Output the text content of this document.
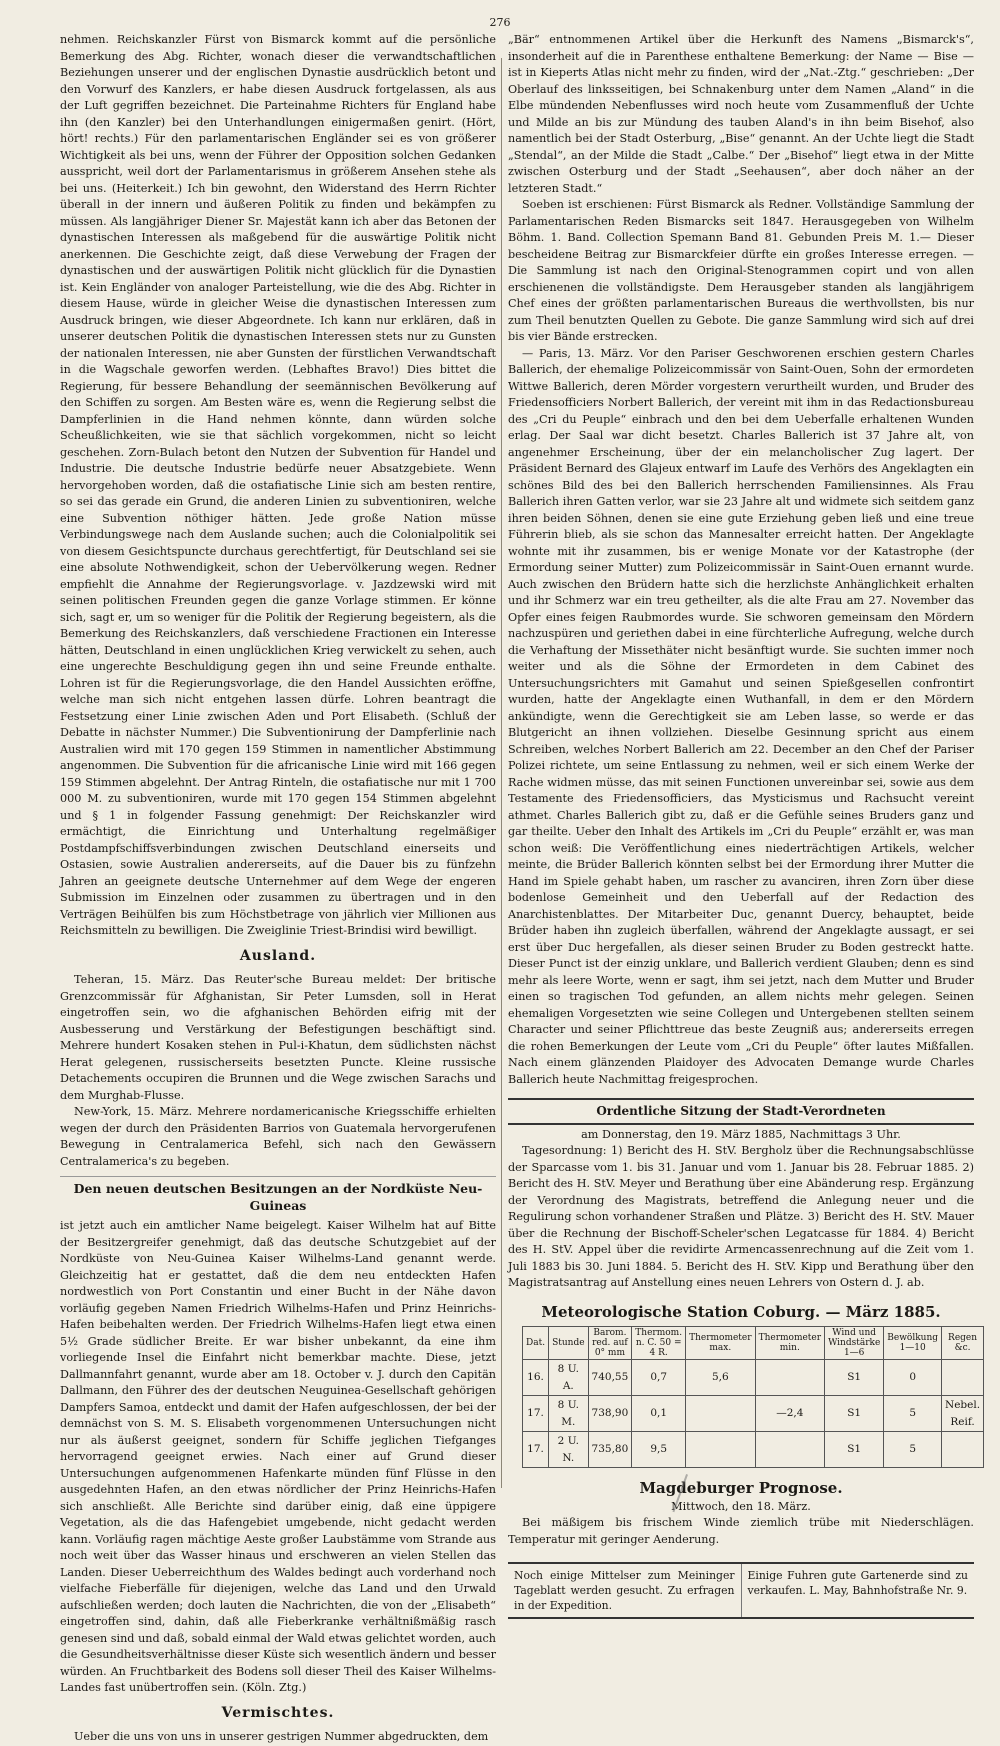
276

nehmen. Reichskanzler Fürst von Bismarck kommt auf die persönliche Bemerkung des Abg. Richter, wonach dieser die verwandtschaftlichen Beziehungen unserer und der englischen Dynastie ausdrücklich betont und den Vorwurf des Kanzlers, er habe diesen Ausdruck fortgelassen, als aus der Luft gegriffen bezeichnet. Die Parteinahme Richters für England habe ihn (den Kanzler) bei den Unterhandlungen einigermaßen genirt. (Hört, hört! rechts.) Für den parlamentarischen Engländer sei es von größerer Wichtigkeit als bei uns, wenn der Führer der Opposition solchen Gedanken ausspricht, weil dort der Parlamentarismus in größerem Ansehen stehe als bei uns. (Heiterkeit.) Ich bin gewohnt, den Widerstand des Herrn Richter überall in der innern und äußeren Politik zu finden und bekämpfen zu müssen. Als langjähriger Diener Sr. Majestät kann ich aber das Betonen der dynastischen Interessen als maßgebend für die auswärtige Politik nicht anerkennen. Die Geschichte zeigt, daß diese Verwebung der Fragen der dynastischen und der auswärtigen Politik nicht glücklich für die Dynastien ist. Kein Engländer von analoger Parteistellung, wie die des Abg. Richter in diesem Hause, würde in gleicher Weise die dynastischen Interessen zum Ausdruck bringen, wie dieser Abgeordnete. Ich kann nur erklären, daß in unserer deutschen Politik die dynastischen Interessen stets nur zu Gunsten der nationalen Interessen, nie aber Gunsten der fürstlichen Verwandtschaft in die Wagschale geworfen werden. (Lebhaftes Bravo!) Dies bittet die Regierung, für bessere Behandlung der seemännischen Bevölkerung auf den Schiffen zu sorgen. Am Besten wäre es, wenn die Regierung selbst die Dampferlinien in die Hand nehmen könnte, dann würden solche Scheußlichkeiten, wie sie that sächlich vorgekommen, nicht so leicht geschehen. Zorn-Bulach betont den Nutzen der Subvention für Handel und Industrie. Die deutsche Industrie bedürfe neuer Absatzgebiete. Wenn hervorgehoben worden, daß die ostafiatische Linie sich am besten rentire, so sei das gerade ein Grund, die anderen Linien zu subventioniren, welche eine Subvention nöthiger hätten. Jede große Nation müsse Verbindungswege nach dem Auslande suchen; auch die Colonialpolitik sei von diesem Gesichtspuncte durchaus gerechtfertigt, für Deutschland sei sie eine absolute Nothwendigkeit, schon der Uebervölkerung wegen. Redner empfiehlt die Annahme der Regierungsvorlage. v. Jazdzewski wird mit seinen politischen Freunden gegen die ganze Vorlage stimmen. Er könne sich, sagt er, um so weniger für die Politik der Regierung begeistern, als die Bemerkung des Reichskanzlers, daß verschiedene Fractionen ein Interesse hätten, Deutschland in einen unglücklichen Krieg verwickelt zu sehen, auch eine ungerechte Beschuldigung gegen ihn und seine Freunde enthalte. Lohren ist für die Regierungsvorlage, die den Handel Aussichten eröffne, welche man sich nicht entgehen lassen dürfe. Lohren beantragt die Festsetzung einer Linie zwischen Aden und Port Elisabeth. (Schluß der Debatte in nächster Nummer.) Die Subventionirung der Dampferlinie nach Australien wird mit 170 gegen 159 Stimmen in namentlicher Abstimmung angenommen. Die Subvention für die africanische Linie wird mit 166 gegen 159 Stimmen abgelehnt. Der Antrag Rinteln, die ostafiatische nur mit 1 700 000 M. zu subventioniren, wurde mit 170 gegen 154 Stimmen abgelehnt und § 1 in folgender Fassung genehmigt: Der Reichskanzler wird ermächtigt, die Einrichtung und Unterhaltung regelmäßiger Postdampfschiffsverbindungen zwischen Deutschland einerseits und Ostasien, sowie Australien andererseits, auf die Dauer bis zu fünfzehn Jahren an geeignete deutsche Unternehmer auf dem Wege der engeren Submission im Einzelnen oder zusammen zu übertragen und in den Verträgen Beihülfen bis zum Höchstbetrage von jährlich vier Millionen aus Reichsmitteln zu bewilligen. Die Zweiglinie Triest-Brindisi wird bewilligt.

Ausland.

Teheran, 15. März. Das Reuter'sche Bureau meldet: Der britische Grenzcommissär für Afghanistan, Sir Peter Lumsden, soll in Herat eingetroffen sein, wo die afghanischen Behörden eifrig mit der Ausbesserung und Verstärkung der Befestigungen beschäftigt sind. Mehrere hundert Kosaken stehen in Pul-i-Khatun, dem südlichsten nächst Herat gelegenen, russischerseits besetzten Puncte. Kleine russische Detachements occupiren die Brunnen und die Wege zwischen Sarachs und dem Murghab-Flusse.

New-York, 15. März. Mehrere nordamericanische Kriegsschiffe erhielten wegen der durch den Präsidenten Barrios von Guatemala hervorgerufenen Bewegung in Centralamerica Befehl, sich nach den Gewässern Centralamerica's zu begeben.

Den neuen deutschen Besitzungen an der Nordküste Neu-Guineas

ist jetzt auch ein amtlicher Name beigelegt. Kaiser Wilhelm hat auf Bitte der Besitzergreifer genehmigt, daß das deutsche Schutzgebiet auf der Nordküste von Neu-Guinea Kaiser Wilhelms-Land genannt werde. Gleichzeitig hat er gestattet, daß die dem neu entdeckten Hafen nordwestlich von Port Constantin und einer Bucht in der Nähe davon vorläufig gegeben Namen Friedrich Wilhelms-Hafen und Prinz Heinrichs-Hafen beibehalten werden. Der Friedrich Wilhelms-Hafen liegt etwa einen 5½ Grade südlicher Breite. Er war bisher unbekannt, da eine ihm vorliegende Insel die Einfahrt nicht bemerkbar machte. Diese, jetzt Dallmannfahrt genannt, wurde aber am 18. October v. J. durch den Capitän Dallmann, den Führer des der deutschen Neuguinea-Gesellschaft gehörigen Dampfers Samoa, entdeckt und damit der Hafen aufgeschlossen, der bei der demnächst von S. M. S. Elisabeth vorgenommenen Untersuchungen nicht nur als äußerst geeignet, sondern für Schiffe jeglichen Tiefganges hervorragend geeignet erwies. Nach einer auf Grund dieser Untersuchungen aufgenommenen Hafenkarte münden fünf Flüsse in den ausgedehnten Hafen, an den etwas nördlicher der Prinz Heinrichs-Hafen sich anschließt. Alle Berichte sind darüber einig, daß eine üppigere Vegetation, als die das Hafengebiet umgebende, nicht gedacht werden kann. Vorläufig ragen mächtige Aeste großer Laubstämme vom Strande aus noch weit über das Wasser hinaus und erschweren an vielen Stellen das Landen. Dieser Ueberreichthum des Waldes bedingt auch vorderhand noch vielfache Fieberfälle für diejenigen, welche das Land und den Urwald aufschließen werden; doch lauten die Nachrichten, die von der „Elisabeth“ eingetroffen sind, dahin, daß alle Fieberkranke verhältnißmäßig rasch genesen sind und daß, sobald einmal der Wald etwas gelichtet worden, auch die Gesundheitsverhältnisse dieser Küste sich wesentlich ändern und besser würden. An Fruchtbarkeit des Bodens soll dieser Theil des Kaiser Wilhelms-Landes fast unübertroffen sein. (Köln. Ztg.)

Vermischtes.

Ueber die uns von uns in unserer gestrigen Nummer abgedruckten, dem

„Bär“ entnommenen Artikel über die Herkunft des Namens „Bismarck's“, insonderheit auf die in Parenthese enthaltene Bemerkung: der Name — Bise — ist in Kieperts Atlas nicht mehr zu finden, wird der „Nat.-Ztg.“ geschrieben: „Der Oberlauf des linksseitigen, bei Schnakenburg unter dem Namen „Aland“ in die Elbe mündenden Nebenflusses wird noch heute vom Zusammenfluß der Uchte und Milde an bis zur Mündung des tauben Aland's in ihn beim Bisehof, also namentlich bei der Stadt Osterburg, „Bise“ genannt. An der Uchte liegt die Stadt „Stendal“, an der Milde die Stadt „Calbe.“ Der „Bisehof“ liegt etwa in der Mitte zwischen Osterburg und der Stadt „Seehausen“, aber doch näher an der letzteren Stadt.“

Soeben ist erschienen: Fürst Bismarck als Redner. Vollständige Sammlung der Parlamentarischen Reden Bismarcks seit 1847. Herausgegeben von Wilhelm Böhm. 1. Band. Collection Spemann Band 81. Gebunden Preis M. 1.— Dieser bescheidene Beitrag zur Bismarckfeier dürfte ein großes Interesse erregen. — Die Sammlung ist nach den Original-Stenogrammen copirt und von allen erschienenen die vollständigste. Dem Herausgeber standen als langjährigem Chef eines der größten parlamentarischen Bureaus die werthvollsten, bis nur zum Theil benutzten Quellen zu Gebote. Die ganze Sammlung wird sich auf drei bis vier Bände erstrecken.

— Paris, 13. März. Vor den Pariser Geschworenen erschien gestern Charles Ballerich, der ehemalige Polizeicommissär von Saint-Ouen, Sohn der ermordeten Wittwe Ballerich, deren Mörder vorgestern verurtheilt wurden, und Bruder des Friedensofficiers Norbert Ballerich, der vereint mit ihm in das Redactionsbureau des „Cri du Peuple“ einbrach und den bei dem Ueberfalle erhaltenen Wunden erlag. Der Saal war dicht besetzt. Charles Ballerich ist 37 Jahre alt, von angenehmer Erscheinung, über der ein melancholischer Zug lagert. Der Präsident Bernard des Glajeux entwarf im Laufe des Verhörs des Angeklagten ein schönes Bild des bei den Ballerich herrschenden Familiensinnes. Als Frau Ballerich ihren Gatten verlor, war sie 23 Jahre alt und widmete sich seitdem ganz ihren beiden Söhnen, denen sie eine gute Erziehung geben ließ und eine treue Führerin blieb, als sie schon das Mannesalter erreicht hatten. Der Angeklagte wohnte mit ihr zusammen, bis er wenige Monate vor der Katastrophe (der Ermordung seiner Mutter) zum Polizeicommissär in Saint-Ouen ernannt wurde. Auch zwischen den Brüdern hatte sich die herzlichste Anhänglichkeit erhalten und ihr Schmerz war ein treu getheilter, als die alte Frau am 27. November das Opfer eines feigen Raubmordes wurde. Sie schworen gemeinsam den Mördern nachzuspüren und geriethen dabei in eine fürchterliche Aufregung, welche durch die Verhaftung der Missethäter nicht besänftigt wurde. Sie suchten immer noch weiter und als die Söhne der Ermordeten in dem Cabinet des Untersuchungsrichters mit Gamahut und seinen Spießgesellen confrontirt wurden, hatte der Angeklagte einen Wuthanfall, in dem er den Mördern ankündigte, wenn die Gerechtigkeit sie am Leben lasse, so werde er das Blutgericht an ihnen vollziehen. Dieselbe Gesinnung spricht aus einem Schreiben, welches Norbert Ballerich am 22. December an den Chef der Pariser Polizei richtete, um seine Entlassung zu nehmen, weil er sich einem Werke der Rache widmen müsse, das mit seinen Functionen unvereinbar sei, sowie aus dem Testamente des Friedensofficiers, das Mysticismus und Rachsucht vereint athmet. Charles Ballerich gibt zu, daß er die Gefühle seines Bruders ganz und gar theilte. Ueber den Inhalt des Artikels im „Cri du Peuple“ erzählt er, was man schon weiß: Die Veröffentlichung eines niederträchtigen Artikels, welcher meinte, die Brüder Ballerich könnten selbst bei der Ermordung ihrer Mutter die Hand im Spiele gehabt haben, um rascher zu avanciren, ihren Zorn über diese bodenlose Gemeinheit und den Ueberfall auf der Redaction des Anarchistenblattes. Der Mitarbeiter Duc, genannt Duercy, behauptet, beide Brüder haben ihn zugleich überfallen, während der Angeklagte aussagt, er sei erst über Duc hergefallen, als dieser seinen Bruder zu Boden gestreckt hatte. Dieser Punct ist der einzig unklare, und Ballerich verdient Glauben; denn es sind mehr als leere Worte, wenn er sagt, ihm sei jetzt, nach dem Mutter und Bruder einen so tragischen Tod gefunden, an allem nichts mehr gelegen. Seinen ehemaligen Vorgesetzten wie seine Collegen und Untergebenen stellten seinem Character und seiner Pflichttreue das beste Zeugniß aus; andererseits erregen die rohen Bemerkungen der Leute vom „Cri du Peuple“ öfter lautes Mißfallen. Nach einem glänzenden Plaidoyer des Advocaten Demange wurde Charles Ballerich heute Nachmittag freigesprochen.

Ordentliche Sitzung der Stadt-Verordneten
am Donnerstag, den 19. März 1885, Nachmittags 3 Uhr.

Tagesordnung: 1) Bericht des H. StV. Bergholz über die Rechnungsabschlüsse der Sparcasse vom 1. bis 31. Januar und vom 1. Januar bis 28. Februar 1885. 2) Bericht des H. StV. Meyer und Berathung über eine Abänderung resp. Ergänzung der Verordnung des Magistrats, betreffend die Anlegung neuer und die Regulirung schon vorhandener Straßen und Plätze. 3) Bericht des H. StV. Mauer über die Rechnung der Bischoff-Scheler'schen Legatcasse für 1884. 4) Bericht des H. StV. Appel über die revidirte Armencassenrechnung auf die Zeit vom 1. Juli 1883 bis 30. Juni 1884. 5. Bericht des H. StV. Kipp und Berathung über den Magistratsantrag auf Anstellung eines neuen Lehrers von Ostern d. J. ab.

Meteorologische Station Coburg. — März 1885.
Dat.	Stunde	Barom. red. auf 0° mm	Thermom. n. C. 50 = 4 R.	Thermometer max.	Thermometer min.	Wind und Windstärke 1—6	Bewölkung 1—10	Regen &c.
16.	8 U. A.	740,55	0,7	5,6		S1	0	
17.	8 U. M.	738,90	0,1		—2,4	S1	5	Nebel. Reif.
17.	2 U. N.	735,80	9,5			S1	5	
Magdeburger Prognose.
Mittwoch, den 18. März.

Bei mäßigem bis frischem Winde ziemlich trübe mit Niederschlägen. Temperatur mit geringer Aenderung.

Noch einige Mittelser zum Meininger Tageblatt werden gesucht. Zu erfragen in der Expedition.
Einige Fuhren gute Gartenerde sind zu verkaufen. L. May, Bahnhofstraße Nr. 9.
